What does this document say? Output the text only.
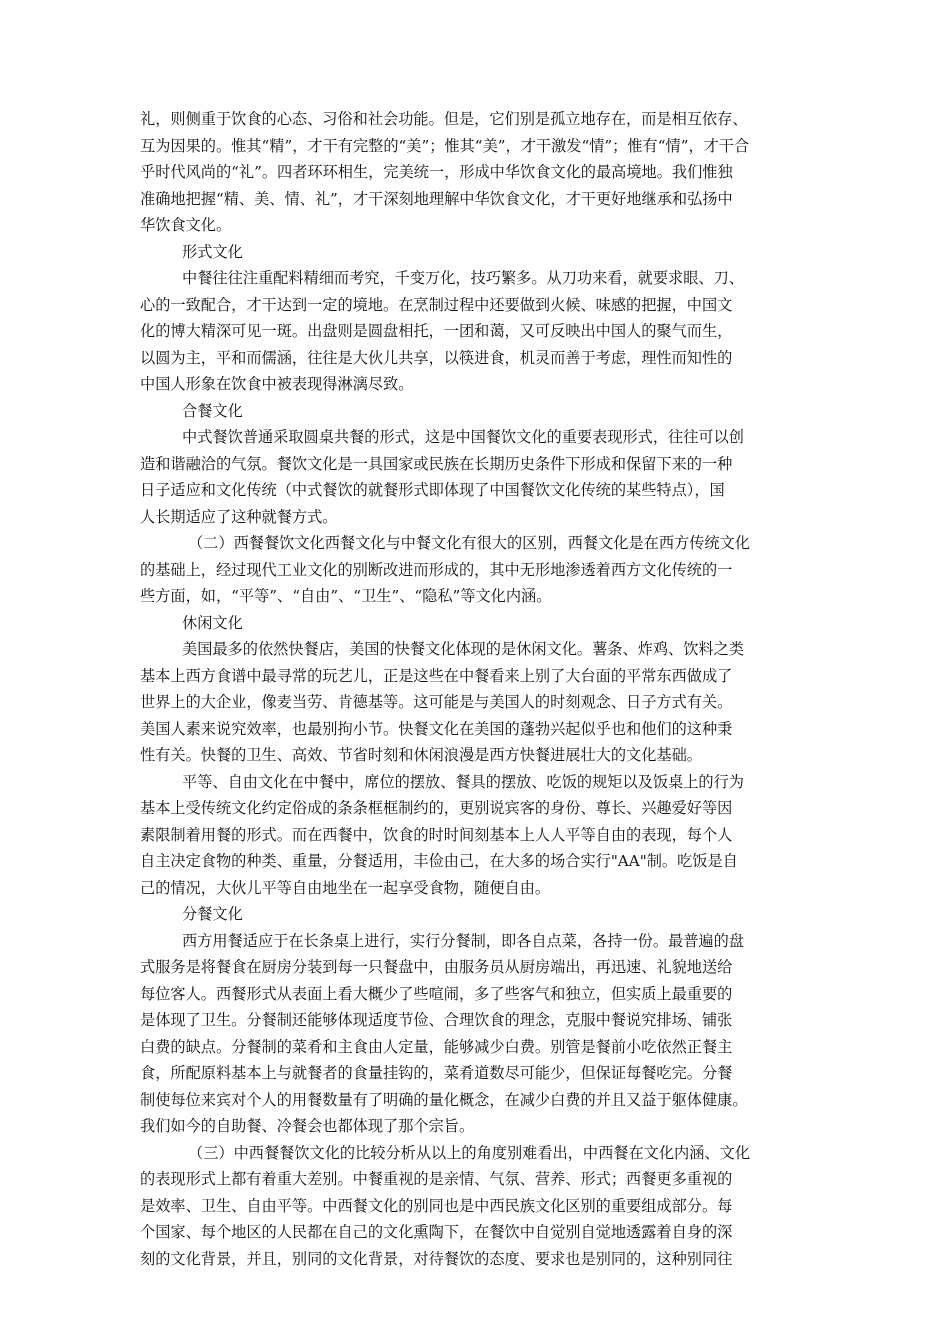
礼，则侧重于饮食的心态、习俗和社会功能。但是，它们别是孤立地存在，而是相互依存、
互为因果的。惟其“精”，才干有完整的“美”；惟其“美”，才干激发“情”；惟有“情”，才干合
乎时代风尚的“礼”。四者环环相生，完美统一，形成中华饮食文化的最高境地。我们惟独
准确地把握“精、美、情、礼”，才干深刻地理解中华饮食文化，才干更好地继承和弘扬中
华饮食文化。
形式文化
中餐往往注重配料精细而考究，千变万化，技巧繁多。从刀功来看，就要求眼、刀、
心的一致配合，才干达到一定的境地。在烹制过程中还要做到火候、味感的把握，中国文
化的博大精深可见一斑。出盘则是圆盘相托，一团和蔼，又可反映出中国人的聚气而生，
以圆为主，平和而儒涵，往往是大伙儿共享，以筷进食，机灵而善于考虑，理性而知性的
中国人形象在饮食中被表现得淋漓尽致。
合餐文化
中式餐饮普通采取圆桌共餐的形式，这是中国餐饮文化的重要表现形式，往往可以创
造和谐融洽的气氛。餐饮文化是一具国家或民族在长期历史条件下形成和保留下来的一种
日子适应和文化传统（中式餐饮的就餐形式即体现了中国餐饮文化传统的某些特点），国
人长期适应了这种就餐方式。
（二）西餐餐饮文化西餐文化与中餐文化有很大的区别，西餐文化是在西方传统文化
的基础上，经过现代工业文化的别断改进而形成的，其中无形地渗透着西方文化传统的一
些方面，如，“平等”、“自由”、“卫生”、“隐私”等文化内涵。
休闲文化
美国最多的依然快餐店，美国的快餐文化体现的是休闲文化。薯条、炸鸡、饮料之类
基本上西方食谱中最寻常的玩艺儿，正是这些在中餐看来上别了大台面的平常东西做成了
世界上的大企业，像麦当劳、肯德基等。这可能是与美国人的时刻观念、日子方式有关。
美国人素来说究效率，也最别拘小节。快餐文化在美国的蓬勃兴起似乎也和他们的这种秉
性有关。快餐的卫生、高效、节省时刻和休闲浪漫是西方快餐进展壮大的文化基础。
平等、自由文化在中餐中，席位的摆放、餐具的摆放、吃饭的规矩以及饭桌上的行为
基本上受传统文化约定俗成的条条框框制约的，更别说宾客的身份、尊长、兴趣爱好等因
素限制着用餐的形式。而在西餐中，饮食的时时间刻基本上人人平等自由的表现，每个人
自主决定食物的种类、重量，分餐适用，丰俭由己，在大多的场合实行"AA"制。吃饭是自
己的情况，大伙儿平等自由地坐在一起享受食物，随便自由。
分餐文化
西方用餐适应于在长条桌上进行，实行分餐制，即各自点菜，各持一份。最普遍的盘
式服务是将餐食在厨房分装到每一只餐盘中，由服务员从厨房端出，再迅速、礼貌地送给
每位客人。西餐形式从表面上看大概少了些喧闹，多了些客气和独立，但实质上最重要的
是体现了卫生。分餐制还能够体现适度节俭、合理饮食的理念，克服中餐说究排场、铺张
白费的缺点。分餐制的菜肴和主食由人定量，能够减少白费。别管是餐前小吃依然正餐主
食，所配原料基本上与就餐者的食量挂钩的，菜肴道数尽可能少，但保证每餐吃完。分餐
制使每位来宾对个人的用餐数量有了明确的量化概念，在减少白费的并且又益于躯体健康。
我们如今的自助餐、冷餐会也都体现了那个宗旨。
（三）中西餐餐饮文化的比较分析从以上的角度别难看出，中西餐在文化内涵、文化
的表现形式上都有着重大差别。中餐重视的是亲情、气氛、营养、形式；西餐更多重视的
是效率、卫生、自由平等。中西餐文化的别同也是中西民族文化区别的重要组成部分。每
个国家、每个地区的人民都在自己的文化熏陶下，在餐饮中自觉别自觉地透露着自身的深
刻的文化背景，并且，别同的文化背景，对待餐饮的态度、要求也是别同的，这种别同往
